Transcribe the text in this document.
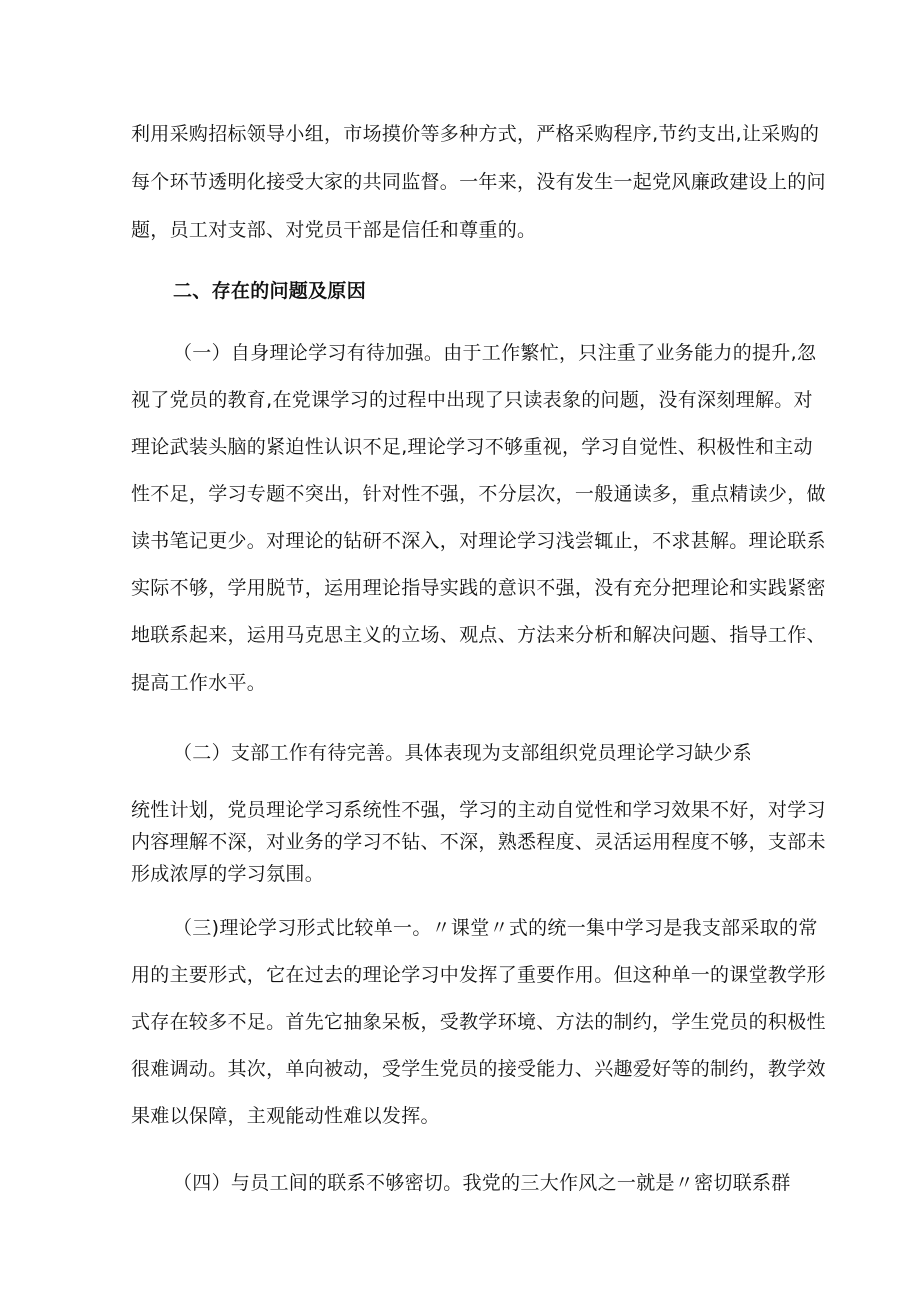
利用采购招标领导小组，市场摸价等多种方式，严格采购程序,节约支出,让采购的

每个环节透明化接受大家的共同监督。一年来，没有发生一起党风廉政建设上的问

题，员工对支部、对党员干部是信任和尊重的。

二、存在的问题及原因

（一）自身理论学习有待加强。由于工作繁忙，只注重了业务能力的提升,忽

视了党员的教育,在党课学习的过程中出现了只读表象的问题，没有深刻理解。对

理论武装头脑的紧迫性认识不足,理论学习不够重视，学习自觉性、积极性和主动

性不足，学习专题不突出，针对性不强，不分层次，一般通读多，重点精读少，做

读书笔记更少。对理论的钻研不深入，对理论学习浅尝辄止，不求甚解。理论联系

实际不够，学用脱节，运用理论指导实践的意识不强，没有充分把理论和实践紧密

地联系起来，运用马克思主义的立场、观点、方法来分析和解决问题、指导工作、

提高工作水平。

（二）支部工作有待完善。具体表现为支部组织党员理论学习缺少系

统性计划，党员理论学习系统性不强，学习的主动自觉性和学习效果不好，对学习

内容理解不深，对业务的学习不钻、不深，熟悉程度、灵活运用程度不够，支部未

形成浓厚的学习氛围。

（三)理论学习形式比较单一。〃课堂〃式的统一集中学习是我支部采取的常

用的主要形式，它在过去的理论学习中发挥了重要作用。但这种单一的课堂教学形

式存在较多不足。首先它抽象呆板，受教学环境、方法的制约，学生党员的积极性

很难调动。其次，单向被动，受学生党员的接受能力、兴趣爱好等的制约，教学效

果难以保障，主观能动性难以发挥。

（四）与员工间的联系不够密切。我党的三大作风之一就是〃密切联系群
